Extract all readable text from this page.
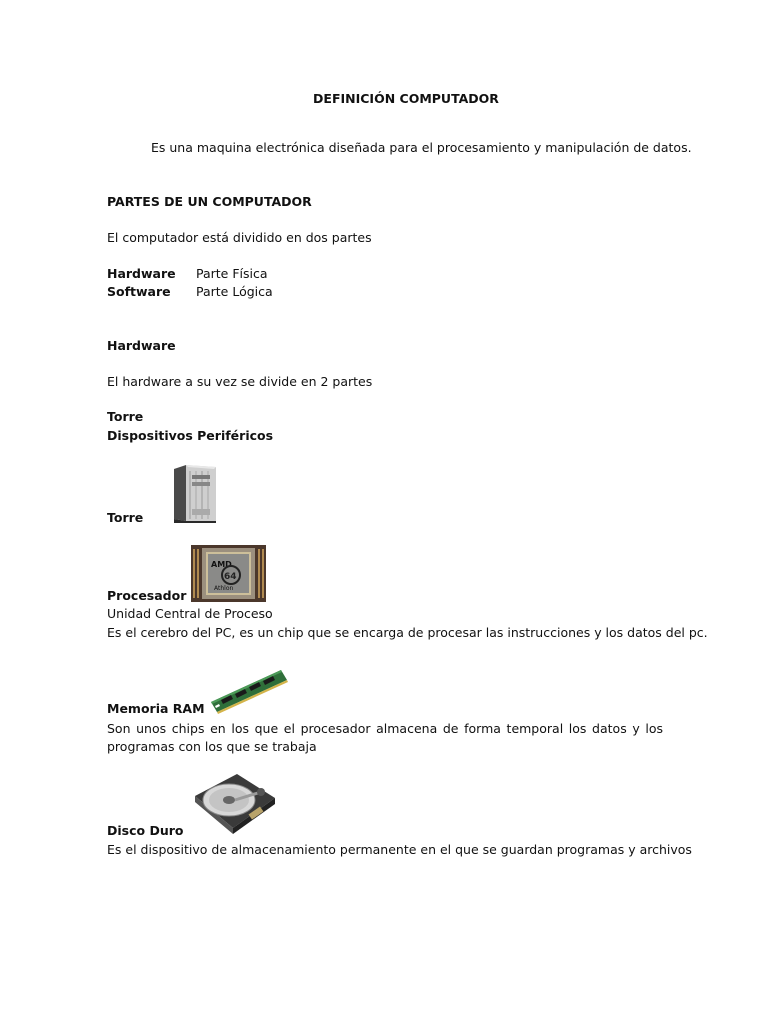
DEFINICIÓN COMPUTADOR
Es una maquina electrónica diseñada para el procesamiento y manipulación de datos.
PARTES DE UN COMPUTADOR
El computador está dividido en dos partes
Hardware Parte Física
Software Parte Lógica
Hardware
El hardware a su vez se divide en 2 partes
Torre
Dispositivos Periféricos
Torre
AMD
64
Athlon
Procesador
Unidad Central de Proceso
Es el cerebro del PC, es un chip que se encarga de procesar las instrucciones y los datos del pc.
Memoria RAM
Son unos chips en los que el procesador almacena de forma temporal los datos y los programas con los que se trabaja
Disco Duro
Es el dispositivo de almacenamiento permanente en el que se guardan programas y archivos
